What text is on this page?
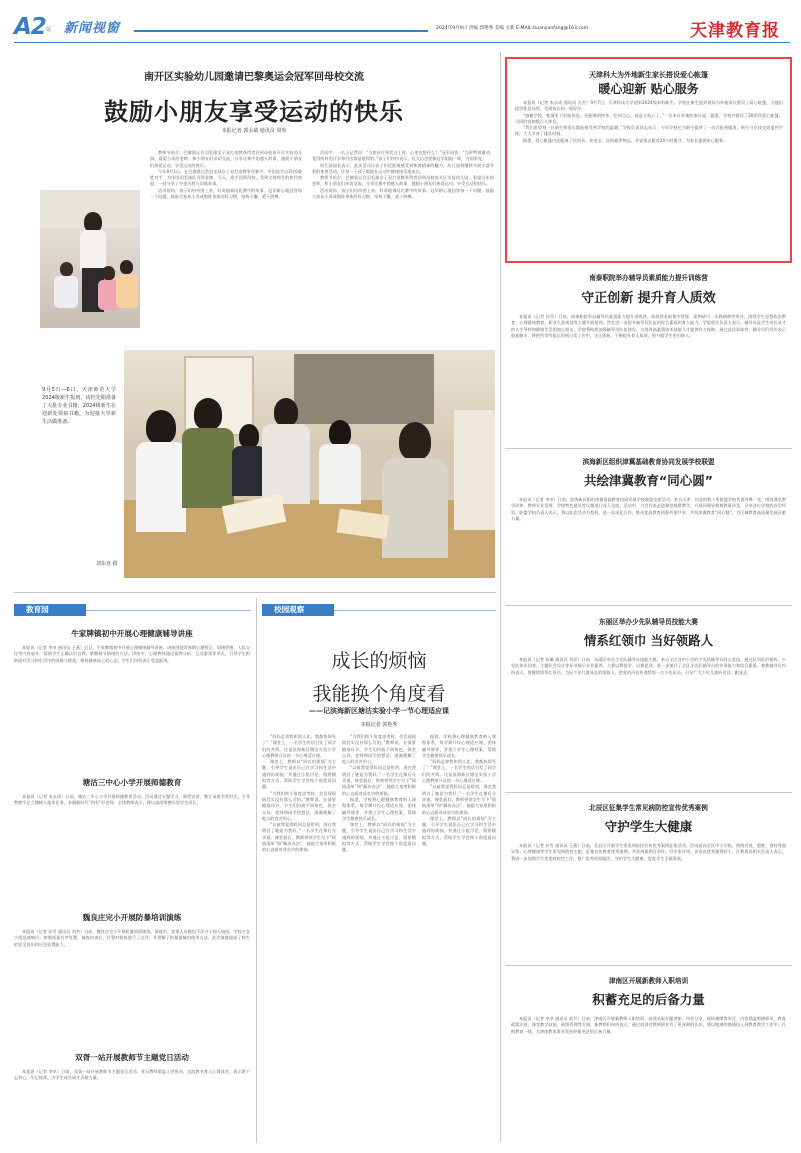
A2 版 新闻视窗	2024年9月9日 责编 郭艳秀 美编 文新 E-MAIL:tiuanyanfang@163.com	天津教育报
南开区实验幼儿园邀请巴黎奥运会冠军回母校交流
鼓励小朋友享受运动的快乐
本报记者 郭永斌 通讯员 周鲁

教师节前夕，巴黎奥运会羽毛球女子双打金牌获得者回到母校南开区实验幼儿园，看望当年的老师，和小朋友们亲切交流，分享比赛中的感人故事，激励小朋友们热爱运动、享受运动的快乐。

今年8月1日，在巴黎奥运会羽毛球女子双打金牌争夺赛中，中国选手以2比0战胜对手，为中国羽毛球队夺得金牌。当天，选手回到母校，受到全体师生的热烈欢迎，一同分享了夺金历程与训练故事。

活动现场，孩子们纷纷围上来，好奇地询问比赛中的故事。冠军耐心地回答每一个问题，鼓励大家从小养成锻炼身体的好习惯，坚持不懈、勇于拼搏。

活动中，一名小记者问：“当您站在领奖台上时，心里在想什么？”冠军回答：“当时特别激动，觉得所有的汗水和付出都是值得的。”孩子们纷纷表示，长大后也要像冠军姐姐一样，为国争光。

幼儿园园长表示，此次活动让孩子们近距离感受到体育精神的魅力，幼儿园将继续开展丰富多彩的体育活动，让每一个孩子都能在运动中健康快乐地成长。

教师节前夕，巴黎奥运会羽毛球女子双打金牌获得者回到母校南开区实验幼儿园，看望当年的老师，和小朋友们亲切交流，分享比赛中的感人故事，激励小朋友们热爱运动、享受运动的快乐。

活动现场，孩子们纷纷围上来，好奇地询问比赛中的故事。冠军耐心地回答每一个问题，鼓励大家从小养成锻炼身体的好习惯，坚持不懈、勇于拼搏。

9月5日—6日，天津师范大学2024级新生报到，该校先期准备了大批专业书籍，2024级新生在迎新处领取书籍，为迎接大学新生活做准备。
刘东亚 摄
天津科大为外地新生家长搭设爱心帐篷
暖心迎新 贴心服务

本报讯（记者 朱永成 通讯员 冯杰）9月7日，天津科技大学迎来2024级本科新生。学校在新生报到现场为外地家长搭设了爱心帐篷，为他们提供休息场所，受到家长的一致好评。

“感谢学校，帐篷里不但能休息，还能喝到热茶、吃到点心，真是太贴心了。”一位来自外地的家长说。据悉，学校共搭设了20余顶爱心帐篷，可同时容纳数百人休息。

“我们希望每一位新生和家长都能感受到学校的温暖。”学校负责同志表示，今年学校还为新生提供了一站式报到服务，新生可在线完成报到手续，大大节省了排队时间。

据悉，爱心帐篷内还配备了饮用水、充电宝、医药箱等物品，并安排志愿者24小时值守，为家长提供贴心服务。

南泰职院举办辅导员素质能力提升训练营
守正创新 提升育人质效
本报讯（记者 孙雪）日前，南泰职院举办辅导员素质能力提升训练营。训练营采取集中授课、案例研讨、实践研修等形式，围绕学生思想政治教育、心理健康教育、职业生涯规划等主题开展培训，旨在进一步提升辅导员队伍的综合素质和育人能力。学院相关负责人表示，辅导员是学生成长成才的人生导师和健康生活的知心朋友，学院将持续加强辅导员队伍建设，为培养高素质技术技能人才提供有力保障。通过此次训练营，辅导员们纷纷表示收获颇丰，将把所学所悟运用到日常工作中，守正创新，不断提升育人质效，努力做学生的引路人。
滨海新区组织津冀基础教育协同发展学校联盟
共绘津冀教育“同心圆”
本报讯（记者 李卓）日前，滨海新区组织津冀基础教育协同发展学校联盟交流活动。来自天津、河北的数十所联盟学校代表齐聚一堂，围绕课堂教学改革、教师专业发展、学校特色建设等议题进行深入交流。活动中，与会代表走进课堂观摩教学，开展同课异构和教研沙龙，分享各自学校的办学经验。联盟学校负责人表示，将以此次活动为契机，进一步深化合作，推动优质教育资源共建共享，共绘津冀教育“同心圆”，为区域教育高质量发展贡献力量。
东丽区举办少先队辅导员技能大赛
情系红领巾 当好领路人
本报讯（记者 张璐 通讯员 刘洋）日前，东丽区举办少先队辅导员技能大赛。来自全区各中小学的少先队辅导员同台竞技，通过队列队形指挥、少先队知识问答、主题队会设计等环节展示专业素养。大赛以赛促学、以赛促训，进一步提升了全区少先队辅导员的业务能力和综合素质。参赛辅导员纷纷表示，将继续情系红领巾，当好少年儿童成长的领路人，把党的声音传递给每一名少先队员，引导广大少年儿童听党话、跟党走。
北辰区征集学生常见病防控宣传优秀案例
守护学生大健康
本报讯（记者 孙雪 通讯员 王燕）日前，北辰区开展学生常见病防控宣传优秀案例征集活动。活动面向全区中小学校，围绕近视、肥胖、脊柱弯曲异常、心理健康等学生常见病防控主题，征集宣传教育优秀案例，共收到案例百余件。经专家评审，评选出优秀案例若干。区教育局相关负责人表示，将进一步加强学生常见病防控工作，推广优秀经验做法，守护学生大健康，促进学生全面发展。
津南区开展新教师入职培训
积蓄充足的后备力量
本报讯（记者 李卓 通讯员 高升）日前，津南区开展新教师入职培训。培训采取专题讲座、经验分享、现场观摩等形式，内容涵盖师德师风、教育政策法规、课堂教学技能、班级管理等方面。新教师们纷纷表示，通过培训对教师职业有了更深刻的认识，将以饱满的热情投入到教育教学工作中，扎根教育一线，为津南教育事业发展积蓄充足的后备力量。
教育园
牛家牌镇初中开展心理健康辅导讲座
本报讯（记者 李卓 通讯员 王燕）近日，牛家牌镇初中开展心理健康辅导讲座。讲座围绕青春期心理特点、情绪管理、人际交往等内容展开，帮助学生正确认识自我，掌握调节情绪的方法。讲座中，心理教师通过案例分析、互动游戏等形式，引导学生积极面对学习和生活中的困难与挑战，保持健康向上的心态。学生们纷纷表示受益匪浅。
塘沽三中心小学开展师德教育
本报讯（记者 朱永成）日前，塘沽三中心小学开展师德教育活动。活动通过专题学习、典型宣讲、签订承诺书等形式，引导教师牢记立德树人根本任务，争做新时代“四有”好老师。全体教师表示，将以高尚师德引领学生成长。
魏良庄完小开展防暴培训演练
本报讯（记者 孙雪 通讯员 刘杰）日前，魏良庄完小开展防暴培训演练。演练中，安保人员模拟不法分子闯入校园，学校应急小组迅速响应，按照预案有序处置。演练结束后，民警对演练进行了点评，并讲解了防暴器械的使用方法。此次演练提高了师生的安全意识和应急处置能力。
双胥一站开展教师节主题党日活动
本报讯（记者 李卓）日前，双胥一站开展教师节主题党日活动。党员教师重温入党誓词，交流教书育人心得体会，表示将不忘初心、牢记使命，为学生成长成才贡献力量。
校园观察
成长的烦恼
我能换个角度看
——记滨海新区塘沽实验小学一节心理适应课
本报记者 郭艳秀

“妈妈总拿我和别人比，我都快烦死了！”课堂上，一名学生的话引发了同学们的共鸣。这是滨海新区塘沽实验小学心理教师开设的一节心理适应课。

课堂上，教师以“成长的烦恼”为主题，引导学生说出自己在学习和生活中遇到的烦恼，并通过小组讨论、情景模拟等方式，帮助学生学会换个角度看问题。

“当我们换个角度思考时，会发现烦恼其实没有那么可怕。”教师说。在情景模拟环节，学生们扮演不同角色，体会父母、老师和同学的想法，逐渐理解了他人的良苦用心。

“以前我觉得妈妈总是唠叨，现在我明白了她是为我好。”一名学生在课后分享道。课堂最后，教师带领学生写下“烦恼清单”和“解决办法”，鼓励大家用积极的心态面对成长中的烦恼。

“当我们换个角度思考时，会发现烦恼其实没有那么可怕。”教师说。在情景模拟环节，学生们扮演不同角色，体会父母、老师和同学的想法，逐渐理解了他人的良苦用心。

“以前我觉得妈妈总是唠叨，现在我明白了她是为我好。”一名学生在课后分享道。课堂最后，教师带领学生写下“烦恼清单”和“解决办法”，鼓励大家用积极的心态面对成长中的烦恼。

据悉，学校将心理健康教育纳入课程体系，每学期开设心理适应课、团体辅导课等，并建立学生心理档案，帮助学生健康快乐成长。

课堂上，教师以“成长的烦恼”为主题，引导学生说出自己在学习和生活中遇到的烦恼，并通过小组讨论、情景模拟等方式，帮助学生学会换个角度看问题。

据悉，学校将心理健康教育纳入课程体系，每学期开设心理适应课、团体辅导课等，并建立学生心理档案，帮助学生健康快乐成长。

“妈妈总拿我和别人比，我都快烦死了！”课堂上，一名学生的话引发了同学们的共鸣。这是滨海新区塘沽实验小学心理教师开设的一节心理适应课。

“以前我觉得妈妈总是唠叨，现在我明白了她是为我好。”一名学生在课后分享道。课堂最后，教师带领学生写下“烦恼清单”和“解决办法”，鼓励大家用积极的心态面对成长中的烦恼。

课堂上，教师以“成长的烦恼”为主题，引导学生说出自己在学习和生活中遇到的烦恼，并通过小组讨论、情景模拟等方式，帮助学生学会换个角度看问题。
